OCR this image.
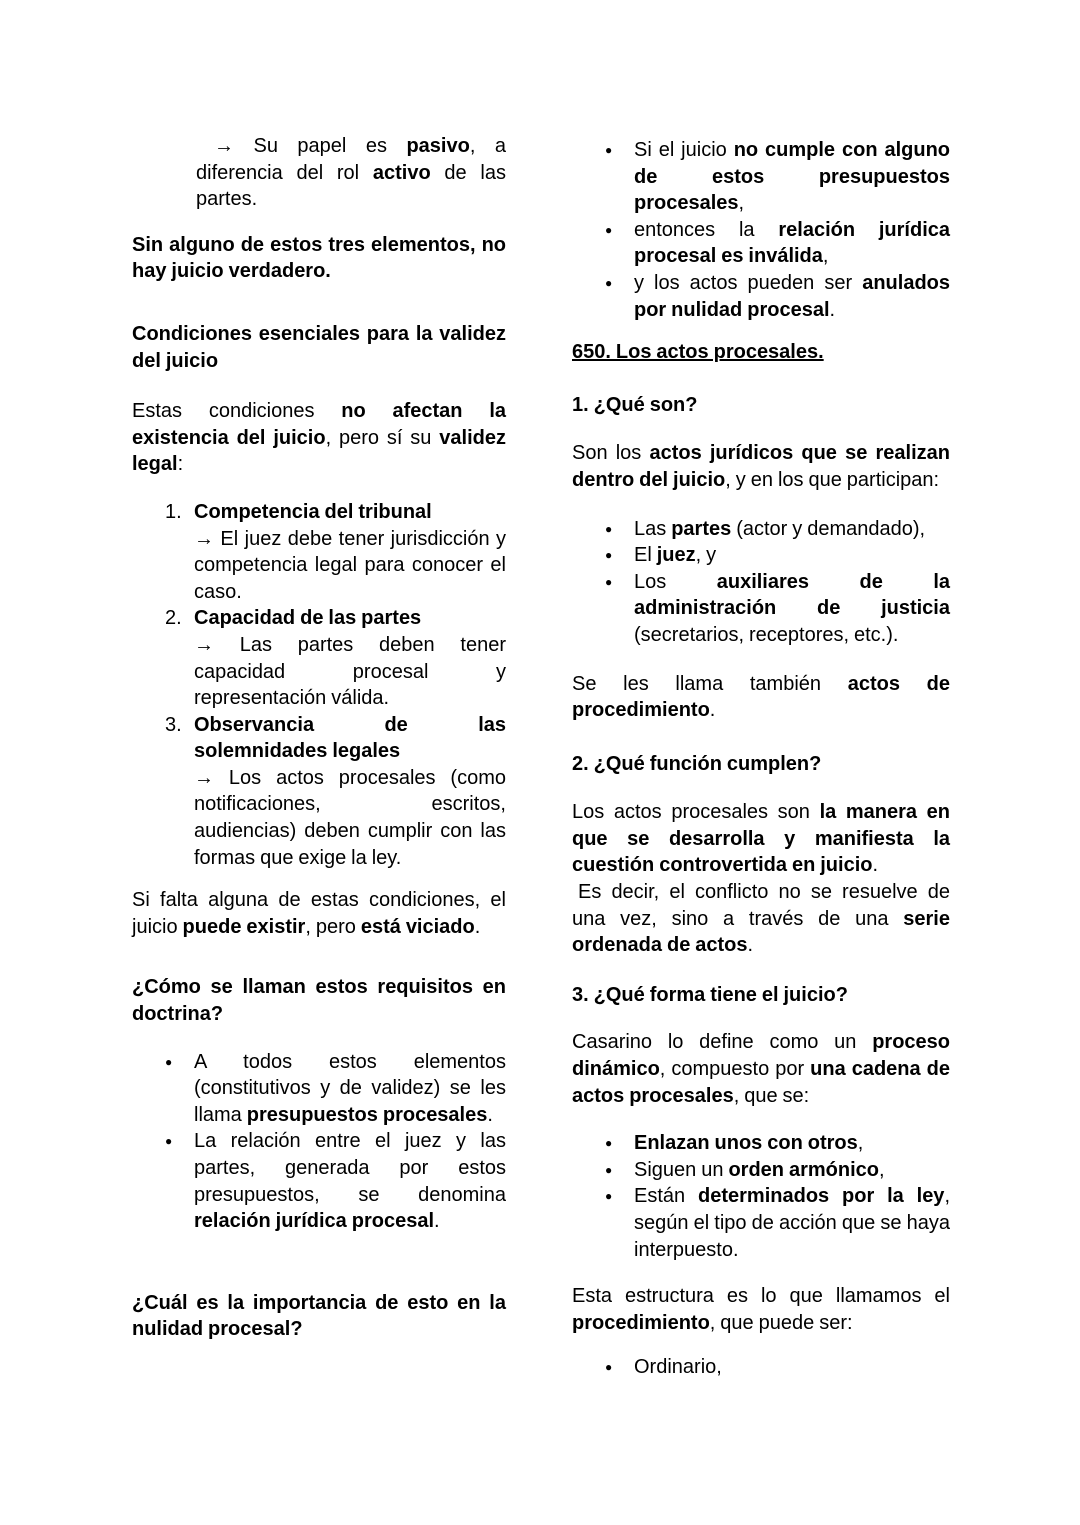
→ Su papel es pasivo, a diferencia del rol activo de las partes.

Sin alguno de estos tres elementos, no hay juicio verdadero.

Condiciones esenciales para la validez del juicio

Estas condiciones no afectan la existencia del juicio, pero sí su validez legal:

1. Competencia del tribunal

→ El juez debe tener jurisdicción y competencia legal para conocer el caso.

2. Capacidad de las partes

→ Las partes deben tener capacidad procesal y representación válida.

3. Observancia de las solemnidades legales

→ Los actos procesales (como notificaciones, escritos, audiencias) deben cumplir con las formas que exige la ley.

Si falta alguna de estas condiciones, el juicio puede existir, pero está viciado.

¿Cómo se llaman estos requisitos en doctrina?

● A todos estos elementos (constitutivos y de validez) se les llama presupuestos procesales.

● La relación entre el juez y las partes, generada por estos presupuestos, se denomina relación jurídica procesal.

¿Cuál es la importancia de esto en la nulidad procesal?

● Si el juicio no cumple con alguno de estos presupuestos procesales,

● entonces la relación jurídica procesal es inválida,

● y los actos pueden ser anulados por nulidad procesal.

650. Los actos procesales.

1. ¿Qué son?

Son los actos jurídicos que se realizan dentro del juicio, y en los que participan:

● Las partes (actor y demandado),

● El juez, y

● Los auxiliares de la administración de justicia (secretarios, receptores, etc.).

Se les llama también actos de procedimiento.

2. ¿Qué función cumplen?

Los actos procesales son la manera en que se desarrolla y manifiesta la cuestión controvertida en juicio.

Es decir, el conflicto no se resuelve de una vez, sino a través de una serie ordenada de actos.

3. ¿Qué forma tiene el juicio?

Casarino lo define como un proceso dinámico, compuesto por una cadena de actos procesales, que se:

● Enlazan unos con otros,

● Siguen un orden armónico,

● Están determinados por la ley, según el tipo de acción que se haya interpuesto.

Esta estructura es lo que llamamos el procedimiento, que puede ser:

● Ordinario,
